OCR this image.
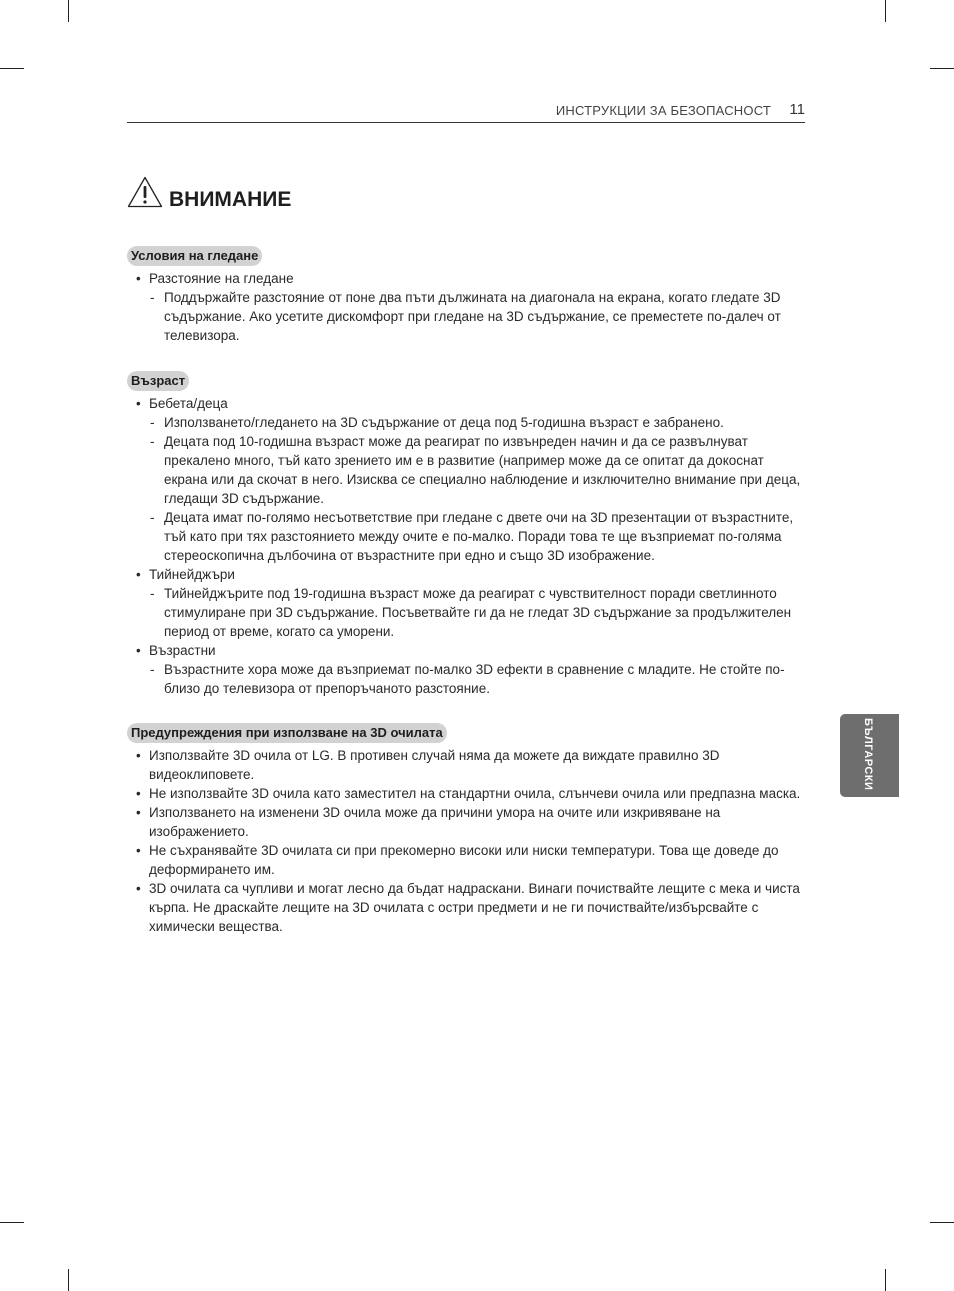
ИНСТРУКЦИИ ЗА БЕЗОПАСНОСТ 11
ВНИМАНИЕ
Условия на гледане
• Разстояние на гледане
- Поддържайте разстояние от поне два пъти дължината на диагонала на екрана, когато гледате 3D съдържание. Ако усетите дискомфорт при гледане на 3D съдържание, се преместете по-далеч от телевизора.
Възраст
• Бебета/деца
- Използването/гледането на 3D съдържание от деца под 5-годишна възраст е забранено.
- Децата под 10-годишна възраст може да реагират по извънреден начин и да се развълнуват прекалено много, тъй като зрението им е в развитие (например може да се опитат да докоснат екрана или да скочат в него. Изисква се специално наблюдение и изключително внимание при деца, гледащи 3D съдържание.
- Децата имат по-голямо несъответствие при гледане с двете очи на 3D презентации от възрастните, тъй като при тях разстоянието между очите е по-малко. Поради това те ще възприемат по-голяма стереоскопична дълбочина от възрастните при едно и също 3D изображение.
• Тийнейджъри
- Тийнейджърите под 19-годишна възраст може да реагират с чувствителност поради светлинното стимулиране при 3D съдържание. Посъветвайте ги да не гледат 3D съдържание за продължителен период от време, когато са уморени.
• Възрастни
- Възрастните хора може да възприемат по-малко 3D ефекти в сравнение с младите. Не стойте по-близо до телевизора от препоръчаното разстояние.
Предупреждения при използване на 3D очилата
• Използвайте 3D очила от LG. В противен случай няма да можете да виждате правилно 3D видеоклиповете.
• Не използвайте 3D очила като заместител на стандартни очила, слънчеви очила или предпазна маска.
• Използването на изменени 3D очила може да причини умора на очите или изкривяване на изображението.
• Не съхранявайте 3D очилата си при прекомерно високи или ниски температури. Това ще доведе до деформирането им.
• 3D очилата са чупливи и могат лесно да бъдат надраскани. Винаги почиствайте лещите с мека и чиста кърпа. Не драскайте лещите на 3D очилата с остри предмети и не ги почиствайте/избърсвайте с химически вещества.
БЪЛГАРСКИ
